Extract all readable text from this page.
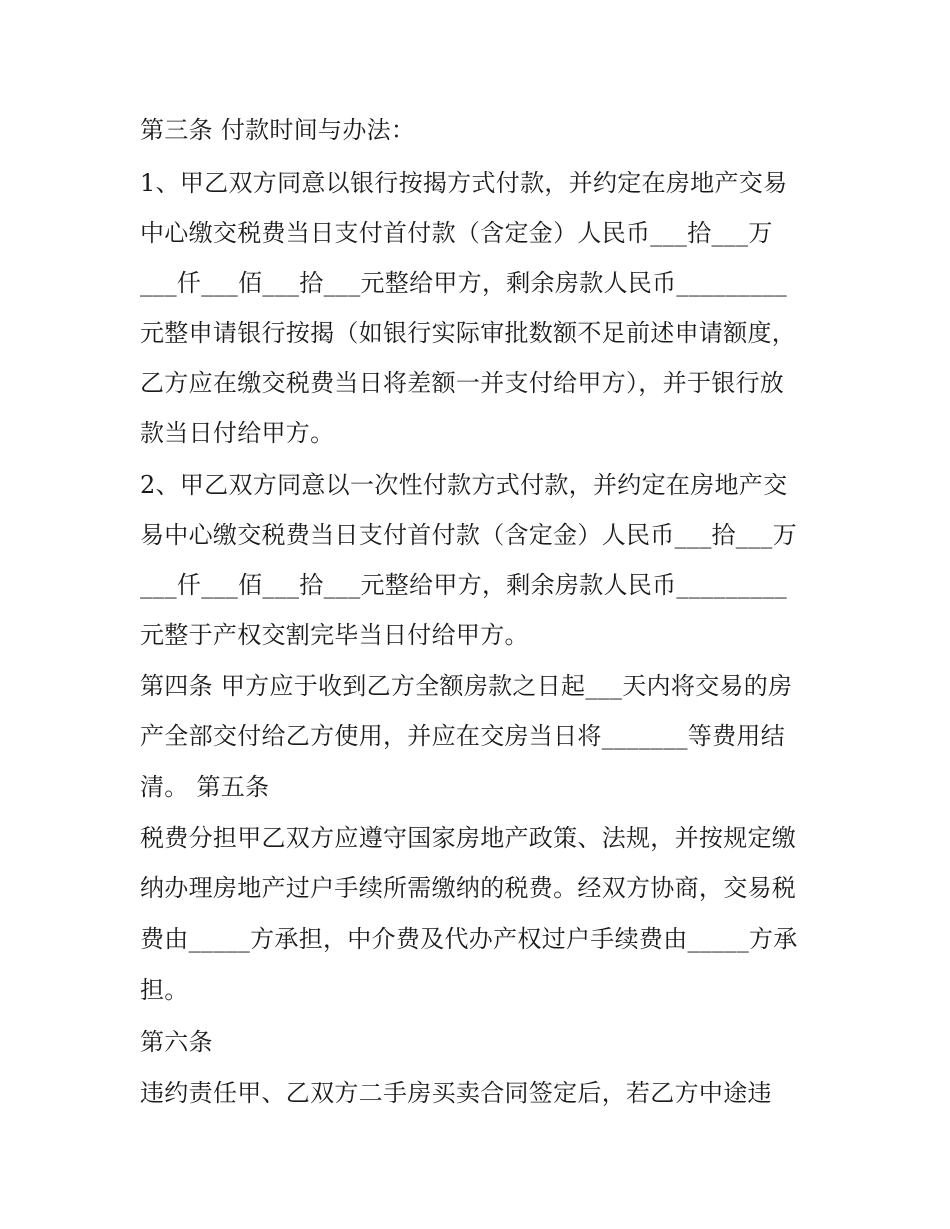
第三条 付款时间与办法：
1、甲乙双方同意以银行按揭方式付款，并约定在房地产交易
中心缴交税费当日支付首付款（含定金）人民币___拾___万
___仟___佰___拾___元整给甲方，剩余房款人民币_________
元整申请银行按揭（如银行实际审批数额不足前述申请额度，
乙方应在缴交税费当日将差额一并支付给甲方），并于银行放
款当日付给甲方。
2、甲乙双方同意以一次性付款方式付款，并约定在房地产交
易中心缴交税费当日支付首付款（含定金）人民币___拾___万
___仟___佰___拾___元整给甲方，剩余房款人民币_________
元整于产权交割完毕当日付给甲方。
第四条 甲方应于收到乙方全额房款之日起___天内将交易的房
产全部交付给乙方使用，并应在交房当日将_______等费用结
清。 第五条
税费分担甲乙双方应遵守国家房地产政策、法规，并按规定缴
纳办理房地产过户手续所需缴纳的税费。经双方协商，交易税
费由_____方承担，中介费及代办产权过户手续费由_____方承
担。
第六条
违约责任甲、乙双方二手房买卖合同签定后，若乙方中途违
